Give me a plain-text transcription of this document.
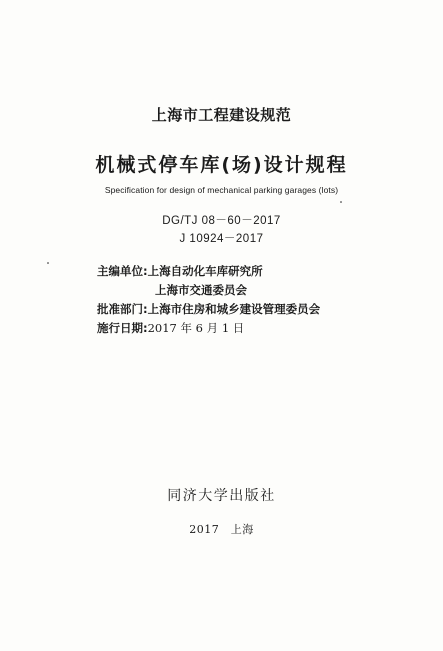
上海市工程建设规范
机械式停车库(场)设计规程
Specification for design of mechanical parking garages (lots)
DG/TJ 08－60－2017
J 10924－2017
主编单位:上海自动化车库研究所
上海市交通委员会
批准部门:上海市住房和城乡建设管理委员会
施行日期:2017 年 6 月 1 日
同济大学出版社
2017　上海
